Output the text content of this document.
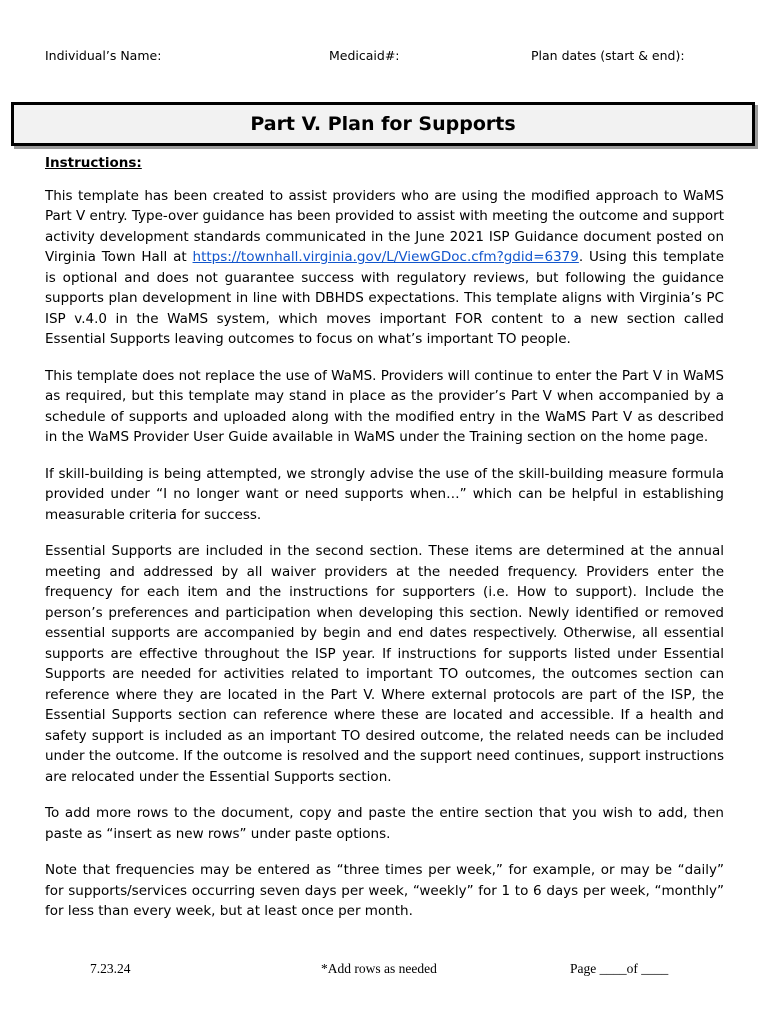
Individual’s Name:	Medicaid#:	Plan dates (start & end):
Part V. Plan for Supports
Instructions:

This template has been created to assist providers who are using the modified approach to WaMS Part V entry. Type-over guidance has been provided to assist with meeting the outcome and support activity development standards communicated in the June 2021 ISP Guidance document posted on Virginia Town Hall at https://townhall.virginia.gov/L/ViewGDoc.cfm?gdid=6379. Using this template is optional and does not guarantee success with regulatory reviews, but following the guidance supports plan development in line with DBHDS expectations. This template aligns with Virginia’s PC ISP v.4.0 in the WaMS system, which moves important FOR content to a new section called Essential Supports leaving outcomes to focus on what’s important TO people.

This template does not replace the use of WaMS. Providers will continue to enter the Part V in WaMS as required, but this template may stand in place as the provider’s Part V when accompanied by a schedule of supports and uploaded along with the modified entry in the WaMS Part V as described in the WaMS Provider User Guide available in WaMS under the Training section on the home page.

If skill-building is being attempted, we strongly advise the use of the skill-building measure formula provided under “I no longer want or need supports when…” which can be helpful in establishing measurable criteria for success.

Essential Supports are included in the second section. These items are determined at the annual meeting and addressed by all waiver providers at the needed frequency. Providers enter the frequency for each item and the instructions for supporters (i.e. How to support). Include the person’s preferences and participation when developing this section. Newly identified or removed essential supports are accompanied by begin and end dates respectively. Otherwise, all essential supports are effective throughout the ISP year. If instructions for supports listed under Essential Supports are needed for activities related to important TO outcomes, the outcomes section can reference where they are located in the Part V. Where external protocols are part of the ISP, the Essential Supports section can reference where these are located and accessible. If a health and safety support is included as an important TO desired outcome, the related needs can be included under the outcome. If the outcome is resolved and the support need continues, support instructions are relocated under the Essential Supports section.

To add more rows to the document, copy and paste the entire section that you wish to add, then paste as “insert as new rows” under paste options.

Note that frequencies may be entered as “three times per week,” for example, or may be “daily” for supports/services occurring seven days per week, “weekly” for 1 to 6 days per week, “monthly” for less than every week, but at least once per month.

7.23.24	*Add rows as needed	Page ____of ____
